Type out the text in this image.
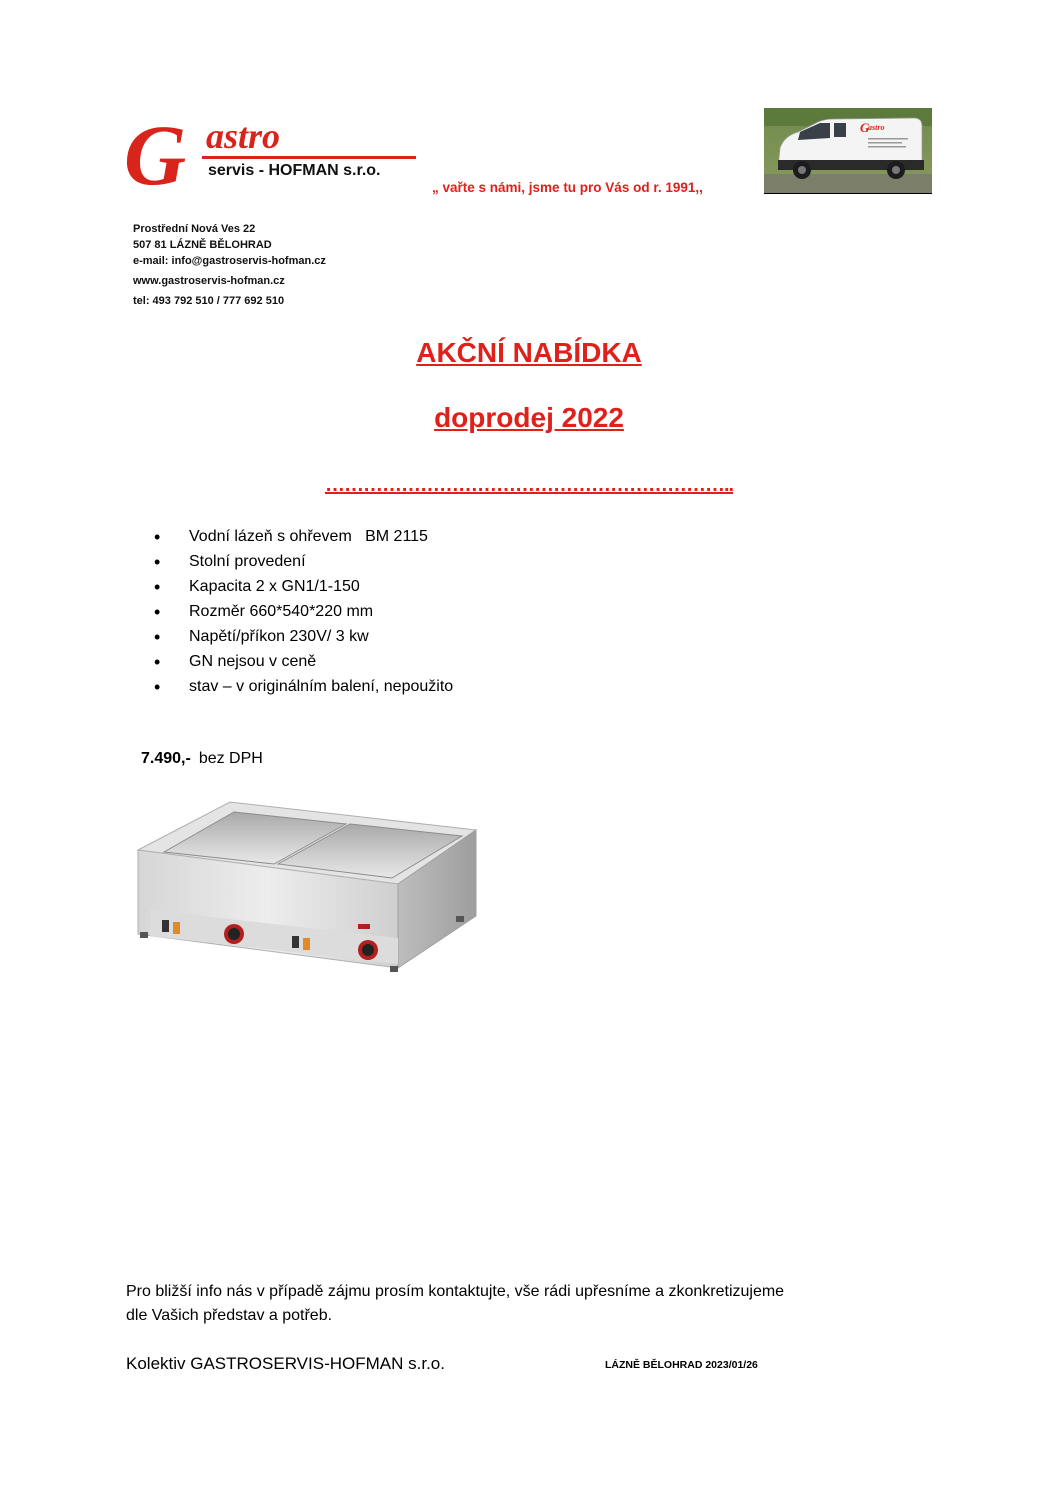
G astro
servis - HOFMAN s.r.o.
„ vařte s námi, jsme tu pro Vás od r. 1991,,
G
astro
Prostřední Nová Ves 22
507 81 LÁZNĚ BĚLOHRAD
e-mail: info@gastroservis-hofman.cz
www.gastroservis-hofman.cz
tel: 493 792 510 / 777 692 510
AKČNÍ NABÍDKA
doprodej 2022
………………………………………………………..
• Vodní lázeň s ohřevem   BM 2115
• Stolní provedení
• Kapacita 2 x GN1/1-150
• Rozměr 660*540*220 mm
• Napětí/příkon 230V/ 3 kw
• GN nejsou v ceně
• stav – v originálním balení, nepoužito
7.490,- bez DPH
Pro bližší info nás v případě zájmu prosím kontaktujte, vše rádi upřesníme a zkonkretizujeme
dle Vašich představ a potřeb.
Kolektiv GASTROSERVIS-HOFMAN s.r.o.	LÁZNĚ BĚLOHRAD 2023/01/26
